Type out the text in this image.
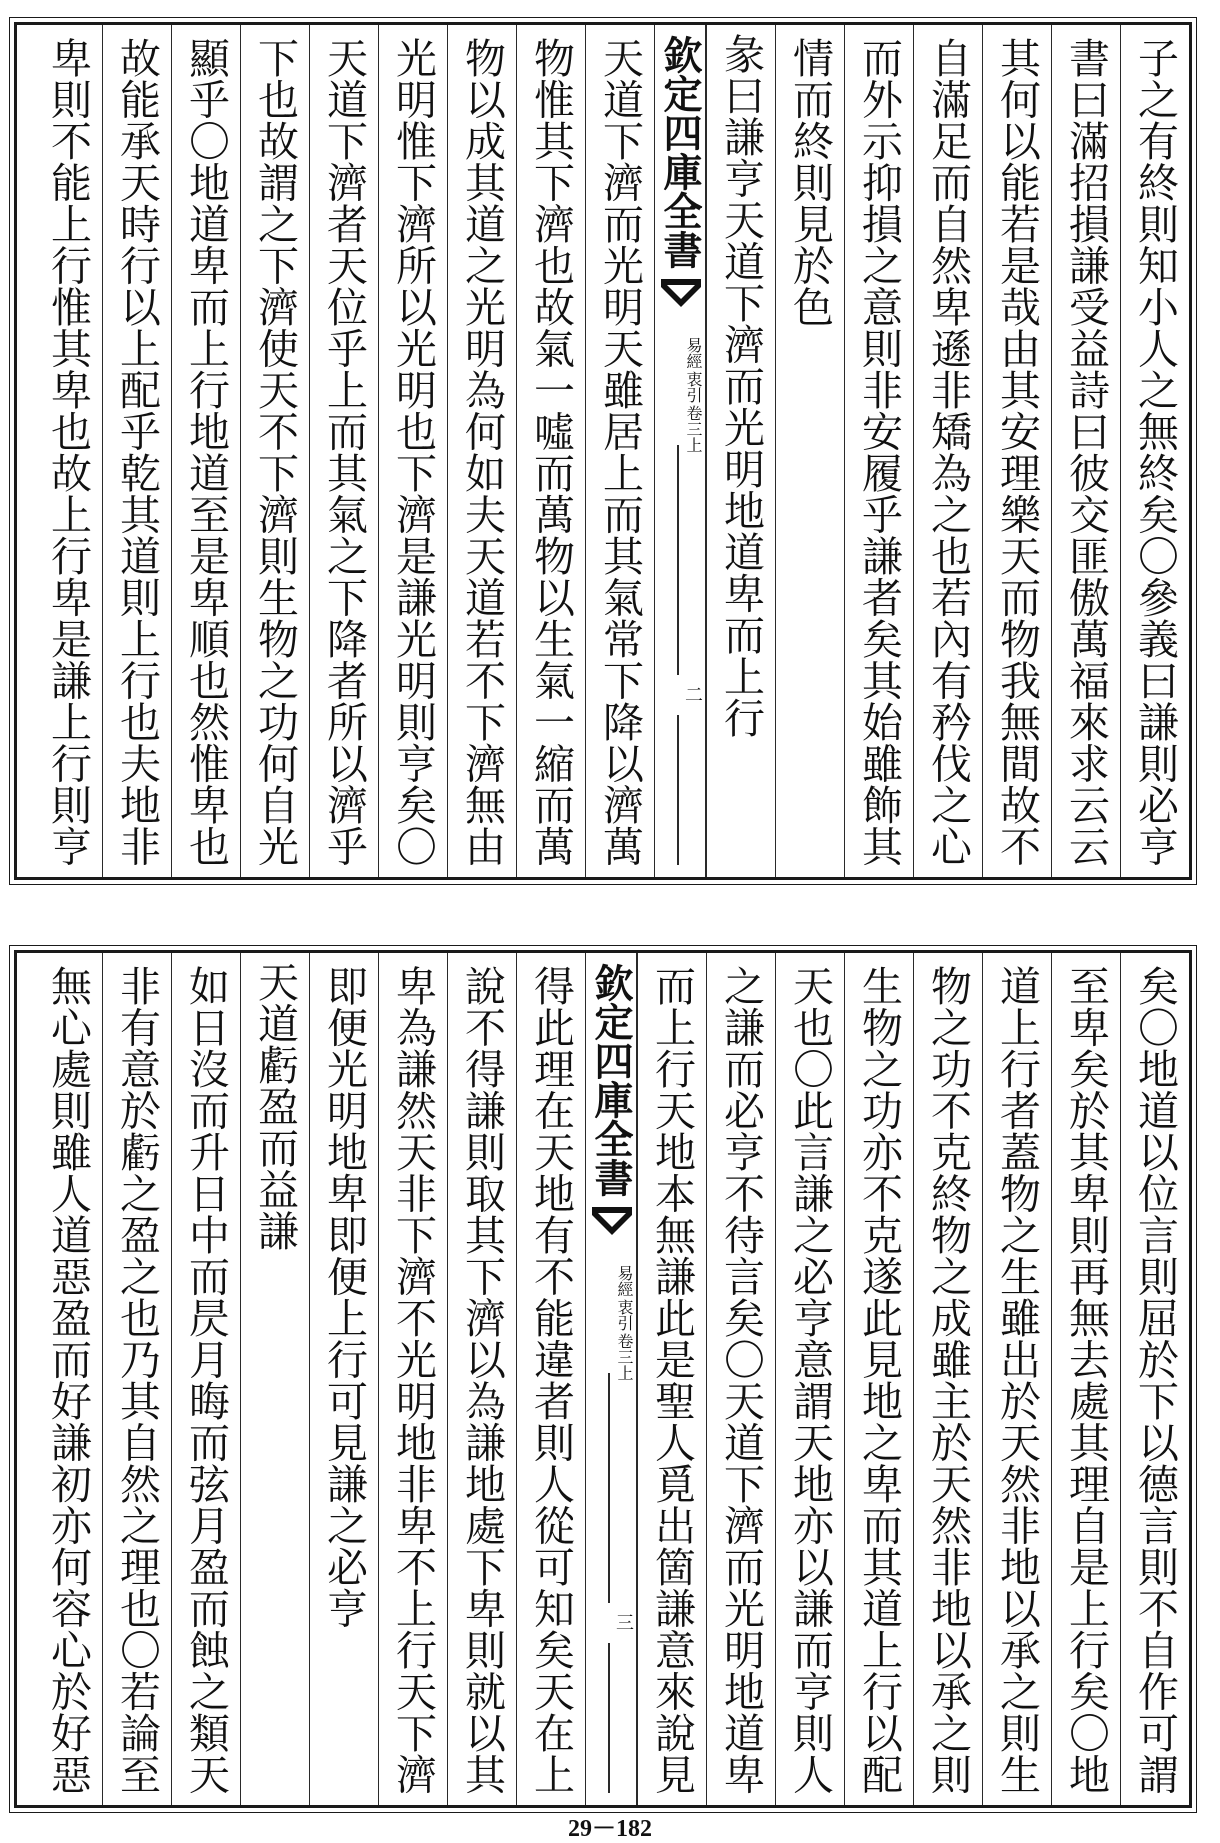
子之有終則知小人之無終矣〇參義曰謙則必亨
書曰滿招損謙受益詩曰彼交匪傲萬福來求云云
其何以能若是哉由其安理樂天而物我無間故不
自滿足而自然卑遜非矯為之也若內有矜伐之心
而外示抑損之意則非安履乎謙者矣其始雖飾其
情而終則見於色
彖曰謙亨天道下濟而光明地道卑而上行
欽定四庫全書
易經
衷引
卷三上
二
天道下濟而光明天雖居上而其氣常下降以濟萬
物惟其下濟也故氣一噓而萬物以生氣一縮而萬
物以成其道之光明為何如夫天道若不下濟無由
光明惟下濟所以光明也下濟是謙光明則亨矣〇
天道下濟者天位乎上而其氣之下降者所以濟乎
下也故謂之下濟使天不下濟則生物之功何自光
顯乎〇地道卑而上行地道至是卑順也然惟卑也
故能承天時行以上配乎乾其道則上行也夫地非
卑則不能上行惟其卑也故上行卑是謙上行則亨
矣〇地道以位言則屈於下以德言則不自作可謂
至卑矣於其卑則再無去處其理自是上行矣〇地
道上行者蓋物之生雖出於天然非地以承之則生
物之功不克終物之成雖主於天然非地以承之則
生物之功亦不克遂此見地之卑而其道上行以配
天也〇此言謙之必亨意謂天地亦以謙而亨則人
之謙而必亨不待言矣〇天道下濟而光明地道卑
而上行天地本無謙此是聖人覓出箇謙意來說見
欽定四庫全書
易經
衷引
卷三上
三
得此理在天地有不能違者則人從可知矣天在上
說不得謙則取其下濟以為謙地處下卑則就以其
卑為謙然天非下濟不光明地非卑不上行天下濟
即便光明地卑即便上行可見謙之必亨
天道虧盈而益謙
如日沒而升日中而昃月晦而弦月盈而蝕之類天
非有意於虧之盈之也乃其自然之理也〇若論至
無心處則雖人道惡盈而好謙初亦何容心於好惡
29－182
